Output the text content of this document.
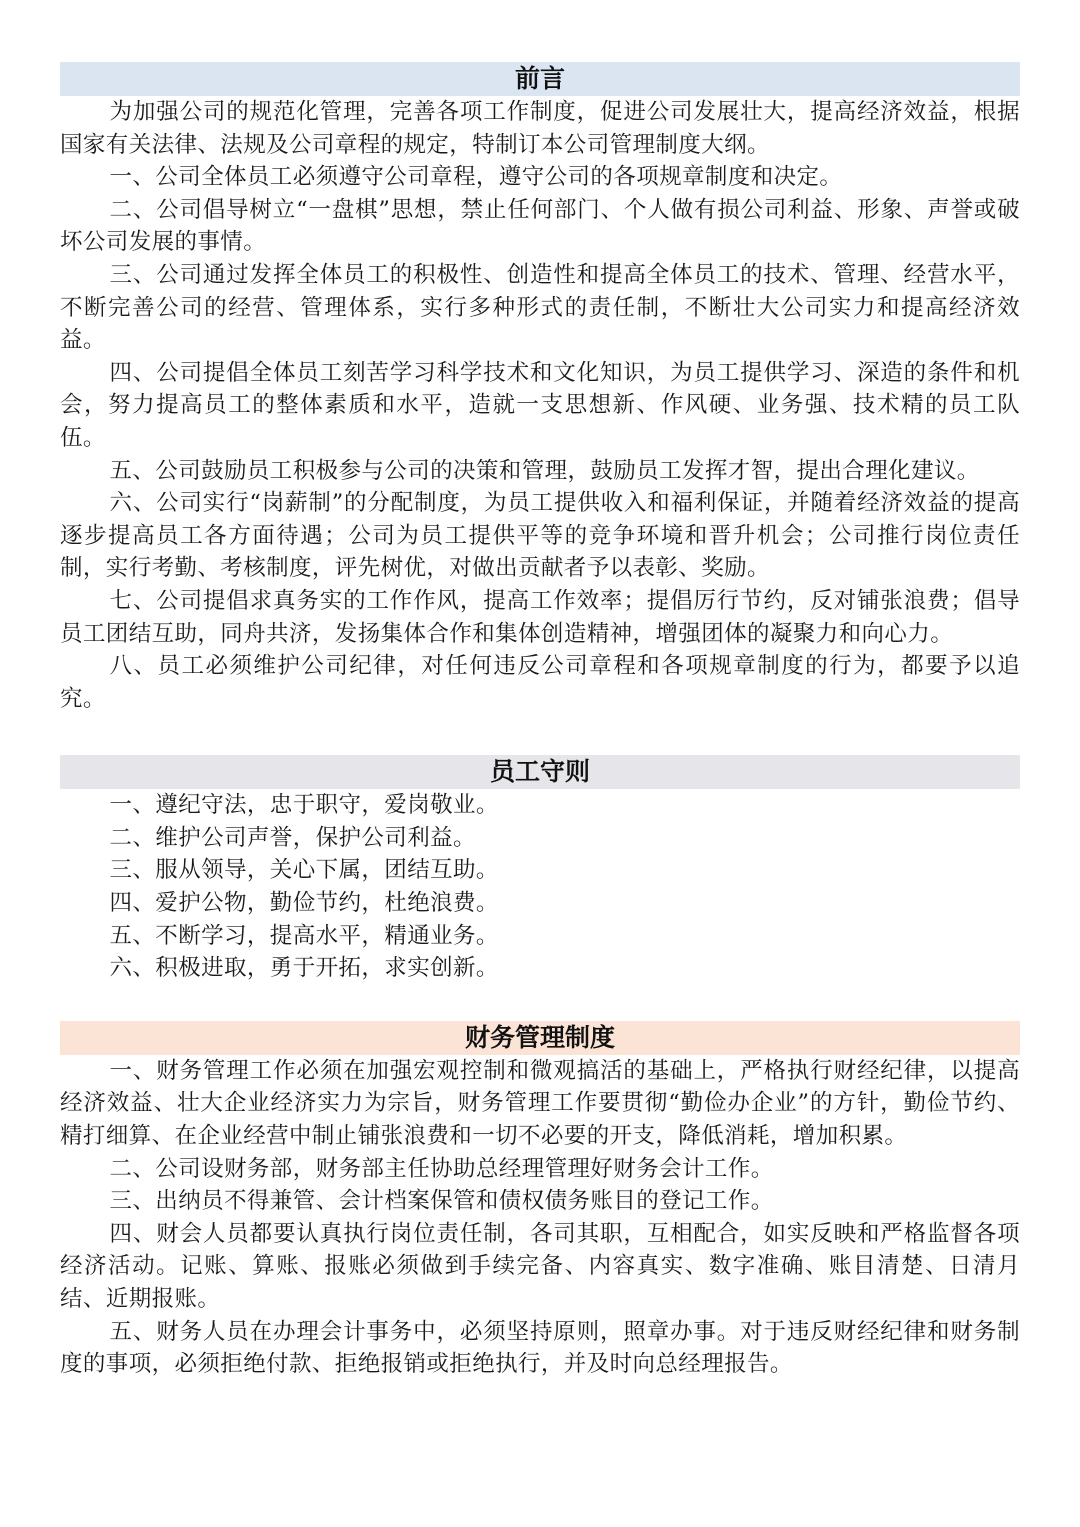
前言

为加强公司的规范化管理，完善各项工作制度，促进公司发展壮大，提高经济效益，根据国家有关法律、法规及公司章程的规定，特制订本公司管理制度大纲。

一、公司全体员工必须遵守公司章程，遵守公司的各项规章制度和决定。

二、公司倡导树立“一盘棋”思想，禁止任何部门、个人做有损公司利益、形象、声誉或破坏公司发展的事情。

三、公司通过发挥全体员工的积极性、创造性和提高全体员工的技术、管理、经营水平，不断完善公司的经营、管理体系，实行多种形式的责任制，不断壮大公司实力和提高经济效益。

四、公司提倡全体员工刻苦学习科学技术和文化知识，为员工提供学习、深造的条件和机会，努力提高员工的整体素质和水平，造就一支思想新、作风硬、业务强、技术精的员工队伍。

五、公司鼓励员工积极参与公司的决策和管理，鼓励员工发挥才智，提出合理化建议。

六、公司实行“岗薪制”的分配制度，为员工提供收入和福利保证，并随着经济效益的提高逐步提高员工各方面待遇；公司为员工提供平等的竞争环境和晋升机会；公司推行岗位责任制，实行考勤、考核制度，评先树优，对做出贡献者予以表彰、奖励。

七、公司提倡求真务实的工作作风，提高工作效率；提倡厉行节约，反对铺张浪费；倡导员工团结互助，同舟共济，发扬集体合作和集体创造精神，增强团体的凝聚力和向心力。

八、员工必须维护公司纪律，对任何违反公司章程和各项规章制度的行为，都要予以追究。

员工守则

一、遵纪守法，忠于职守，爱岗敬业。

二、维护公司声誉，保护公司利益。

三、服从领导，关心下属，团结互助。

四、爱护公物，勤俭节约，杜绝浪费。

五、不断学习，提高水平，精通业务。

六、积极进取，勇于开拓，求实创新。

财务管理制度

一、财务管理工作必须在加强宏观控制和微观搞活的基础上，严格执行财经纪律，以提高经济效益、壮大企业经济实力为宗旨，财务管理工作要贯彻“勤俭办企业”的方针，勤俭节约、精打细算、在企业经营中制止铺张浪费和一切不必要的开支，降低消耗，增加积累。

二、公司设财务部，财务部主任协助总经理管理好财务会计工作。

三、出纳员不得兼管、会计档案保管和债权债务账目的登记工作。

四、财会人员都要认真执行岗位责任制，各司其职，互相配合，如实反映和严格监督各项经济活动。记账、算账、报账必须做到手续完备、内容真实、数字准确、账目清楚、日清月结、近期报账。

五、财务人员在办理会计事务中，必须坚持原则，照章办事。对于违反财经纪律和财务制度的事项，必须拒绝付款、拒绝报销或拒绝执行，并及时向总经理报告。
